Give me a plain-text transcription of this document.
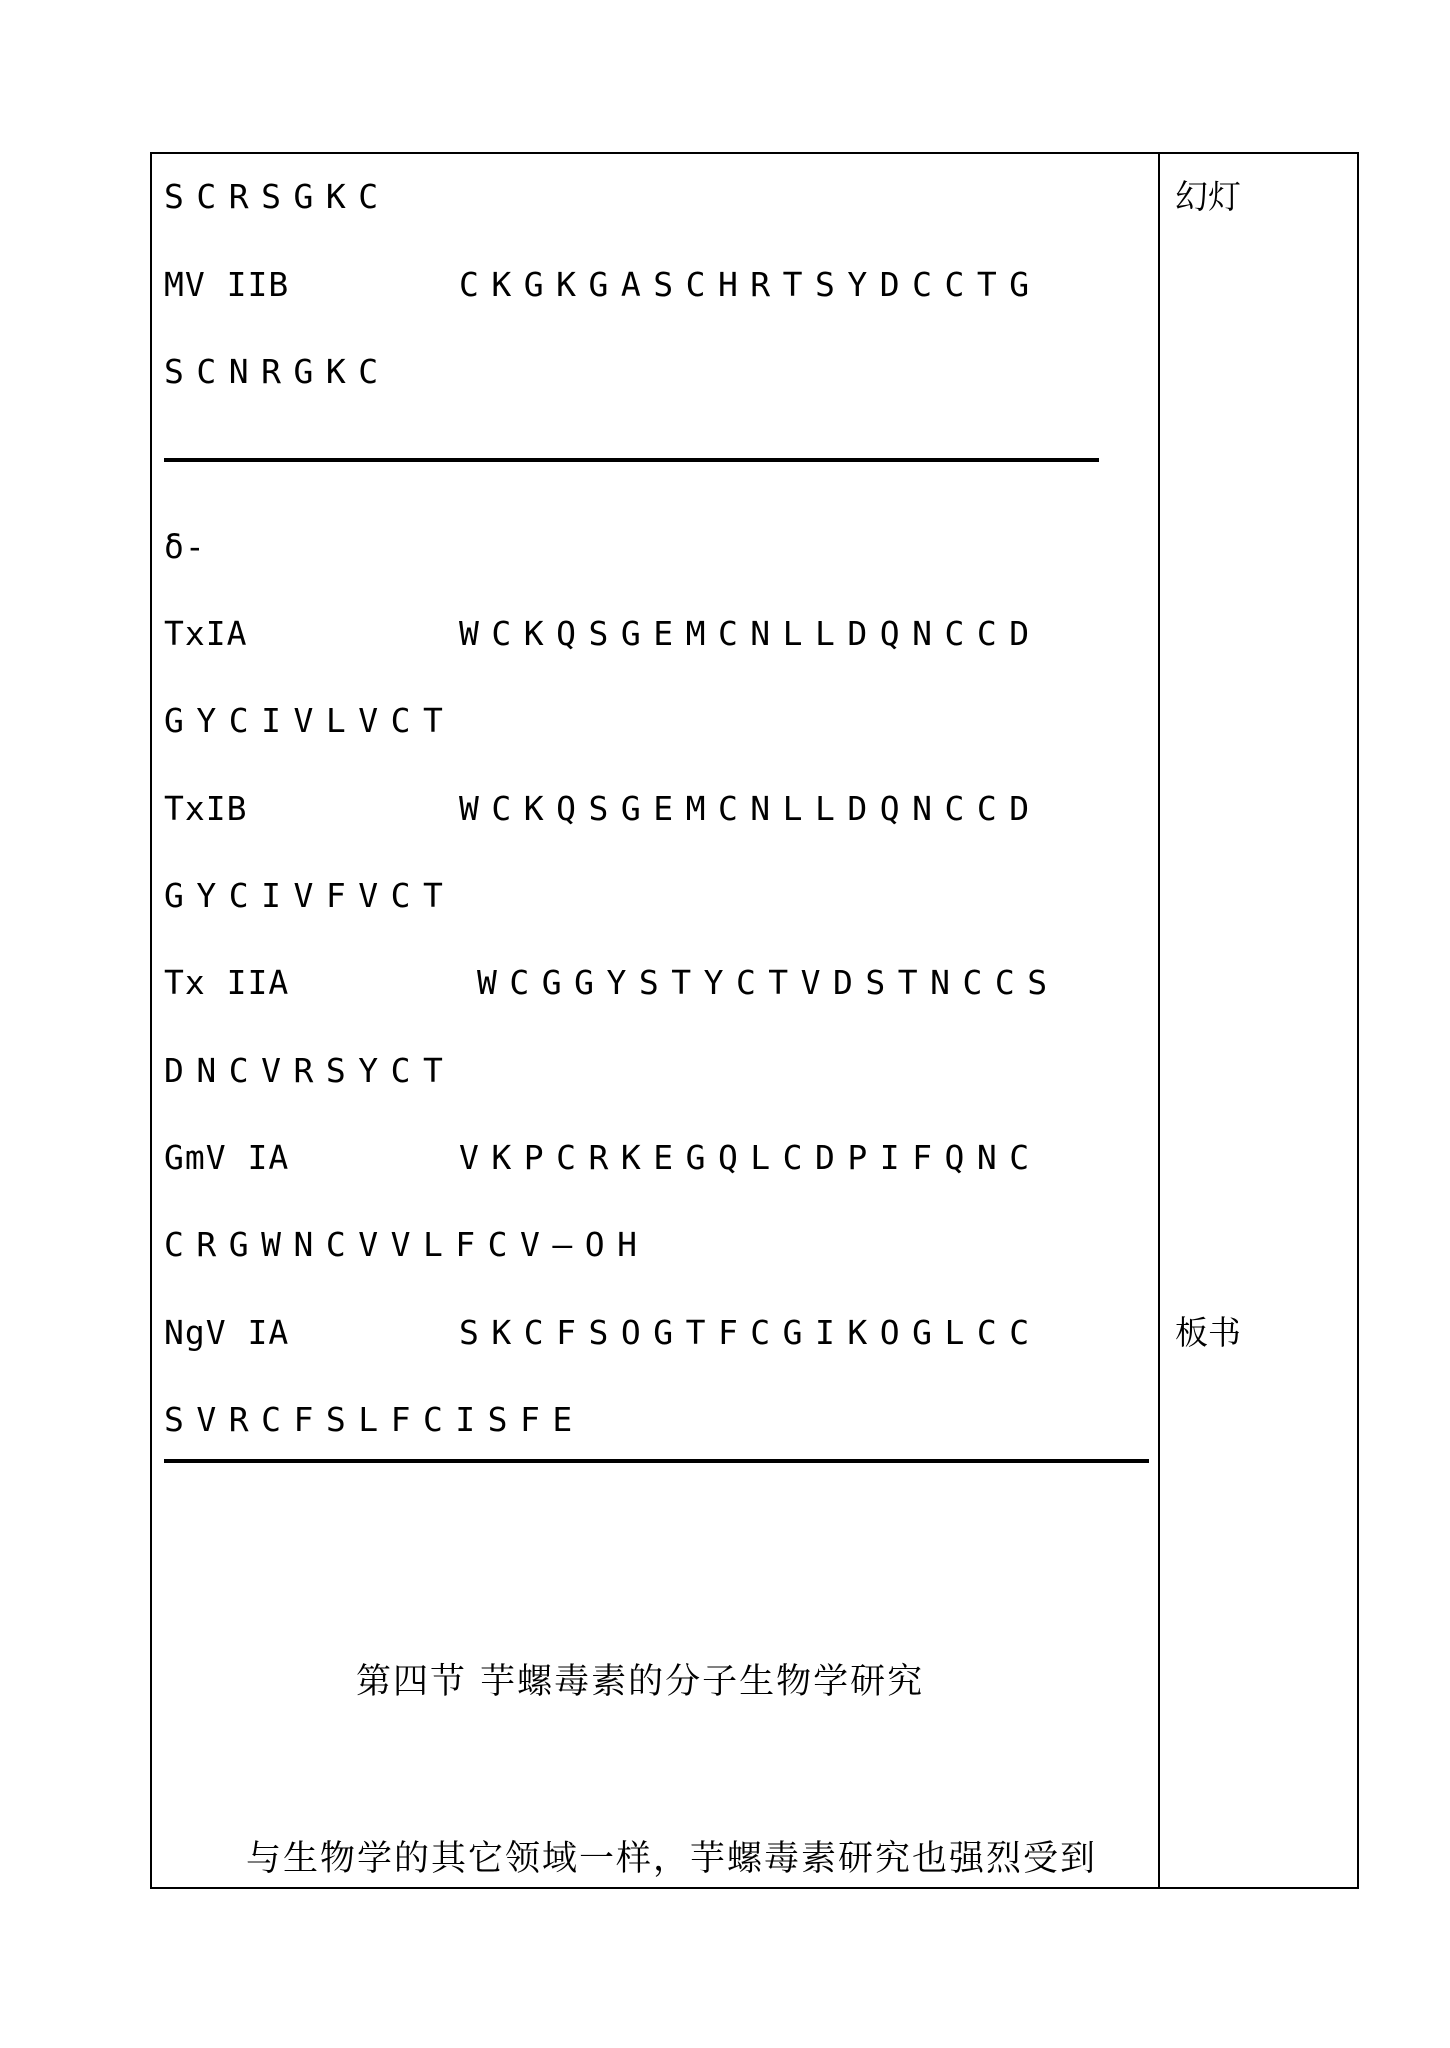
SCRSGKC
MV IIB	CKGKGASCHRTSYDCCTG
SCNRGKC
δ-
TxIA	WCKQSGEMCNLLDQNCCD
GYCIVLVCT
TxIB	WCKQSGEMCNLLDQNCCD
GYCIVFVCT
Tx IIA	WCGGYSTYCTVDSTNCCS
DNCVRSYCT
GmV IA	VKPCRKEGQLCDPIFQNC
CRGWNCVVLFCV—OH
NgV IA	SKCFSOGTFCGIKOGLCC
SVRCFSLFCISFE
幻灯
板书
第四节 芋螺毒素的分子生物学研究
与生物学的其它领域一样，芋螺毒素研究也强烈受到
